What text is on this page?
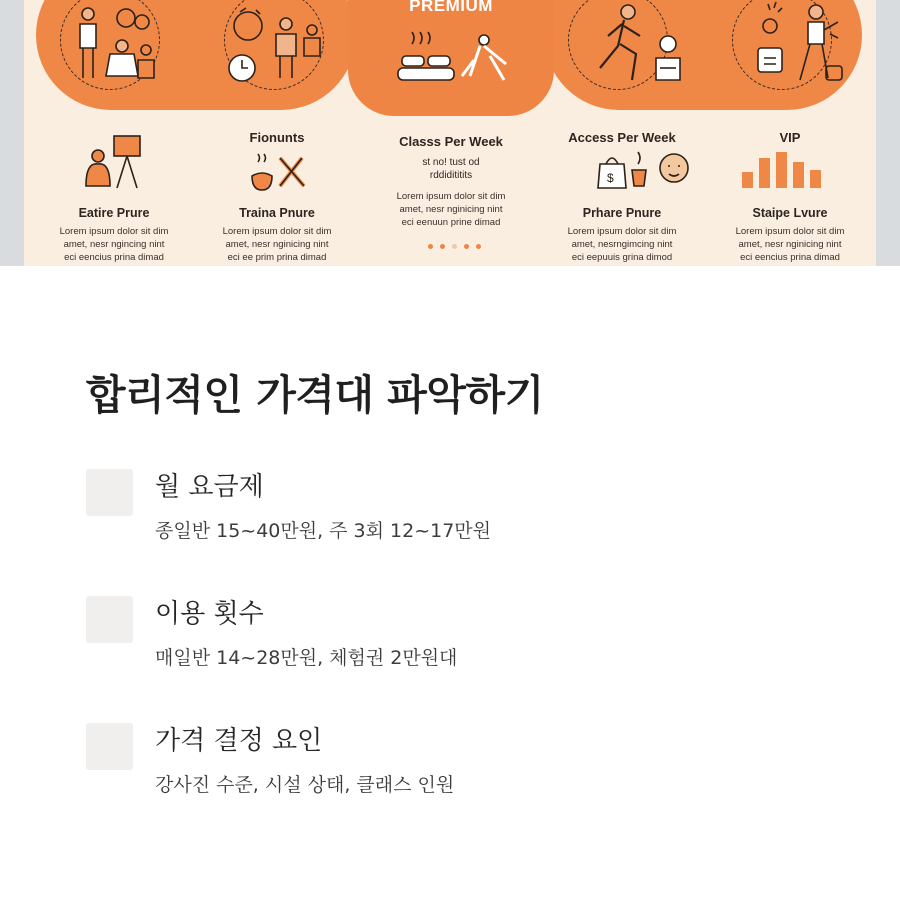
PREMIUM
$
Eatire Prure
Lorem ipsum dolor sit dim
amet, nesr ngincing nint
eci eencius prina dimad
Fionunts
Traina Pnure
Lorem ipsum dolor sit dim
amet, nesr nginicing nint
eci ee prim prina dimad
Classs Per Week
st no! tust od
rddidititits
Lorem ipsum dolor sit dim
amet, nesr nginicing nint
eci eenuun prine dimad
Access Per Week
Prhare Pnure
Lorem ipsum dolor sit dim
amet, nesrngimcing nint
eci eepuuis grina dimod
VIP
Staipe Lvure
Lorem ipsum dolor sit dim
amet, nesr nginicing nint
eci eencius prina dimad
합리적인 가격대 파악하기
월 요금제
종일반 15~40만원, 주 3회 12~17만원
이용 횟수
매일반 14~28만원, 체험권 2만원대
가격 결정 요인
강사진 수준, 시설 상태, 클래스 인원
